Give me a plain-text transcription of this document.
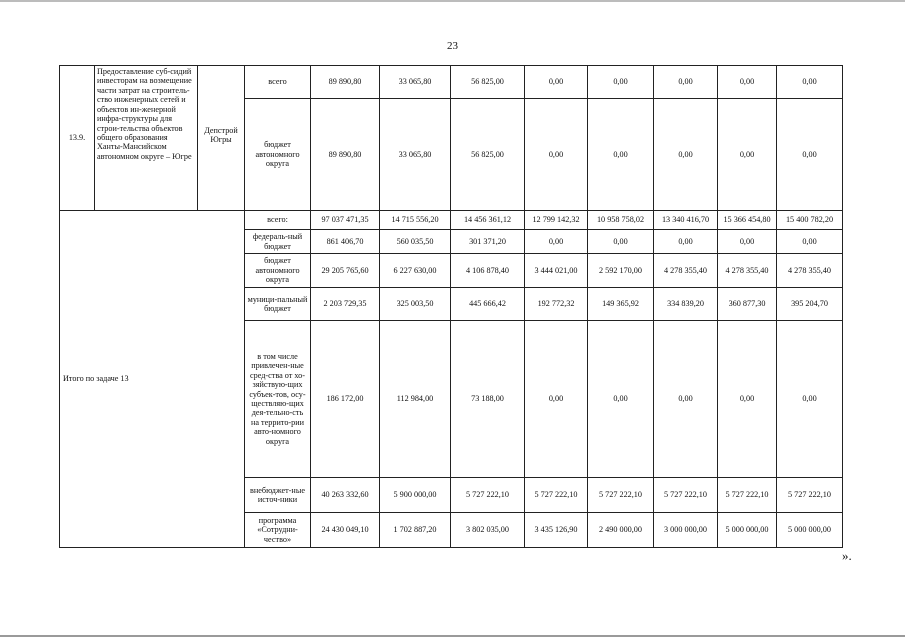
23
13.9.	Предоставление суб-сидий инвесторам на возмещение части затрат на строитель-ство инженерных сетей и объектов ин-женерной инфра-структуры для строи-тельства объектов общего образования Ханты-Мансийском автономном округе – Югре	Депстрой Югры	всего	89 890,80	33 065,80	56 825,00	0,00	0,00	0,00	0,00	0,00
			бюджет автономного округа	89 890,80	33 065,80	56 825,00	0,00	0,00	0,00	0,00	0,00
Итого по задаче 13			всего:	97 037 471,35	14 715 556,20	14 456 361,12	12 799 142,32	10 958 758,02	13 340 416,70	15 366 454,80	15 400 782,20
			федераль-ный бюджет	861 406,70	560 035,50	301 371,20	0,00	0,00	0,00	0,00	0,00
			бюджет автономного округа	29 205 765,60	6 227 630,00	4 106 878,40	3 444 021,00	2 592 170,00	4 278 355,40	4 278 355,40	4 278 355,40
			муници-пальный бюджет	2 203 729,35	325 003,50	445 666,42	192 772,32	149 365,92	334 839,20	360 877,30	395 204,70
			в том числе привлечен-ные сред-ства от хо-зяйствую-щих субъек-тов, осу-ществляю-щих дея-тельно-сть на террито-рии авто-номного округа	186 172,00	112 984,00	73 188,00	0,00	0,00	0,00	0,00	0,00
			внебюджет-ные источ-ники	40 263 332,60	5 900 000,00	5 727 222,10	5 727 222,10	5 727 222,10	5 727 222,10	5 727 222,10	5 727 222,10
			программа «Сотрудни-чество»	24 430 049,10	1 702 887,20	3 802 035,00	3 435 126,90	2 490 000,00	3 000 000,00	5 000 000,00	5 000 000,00
».
